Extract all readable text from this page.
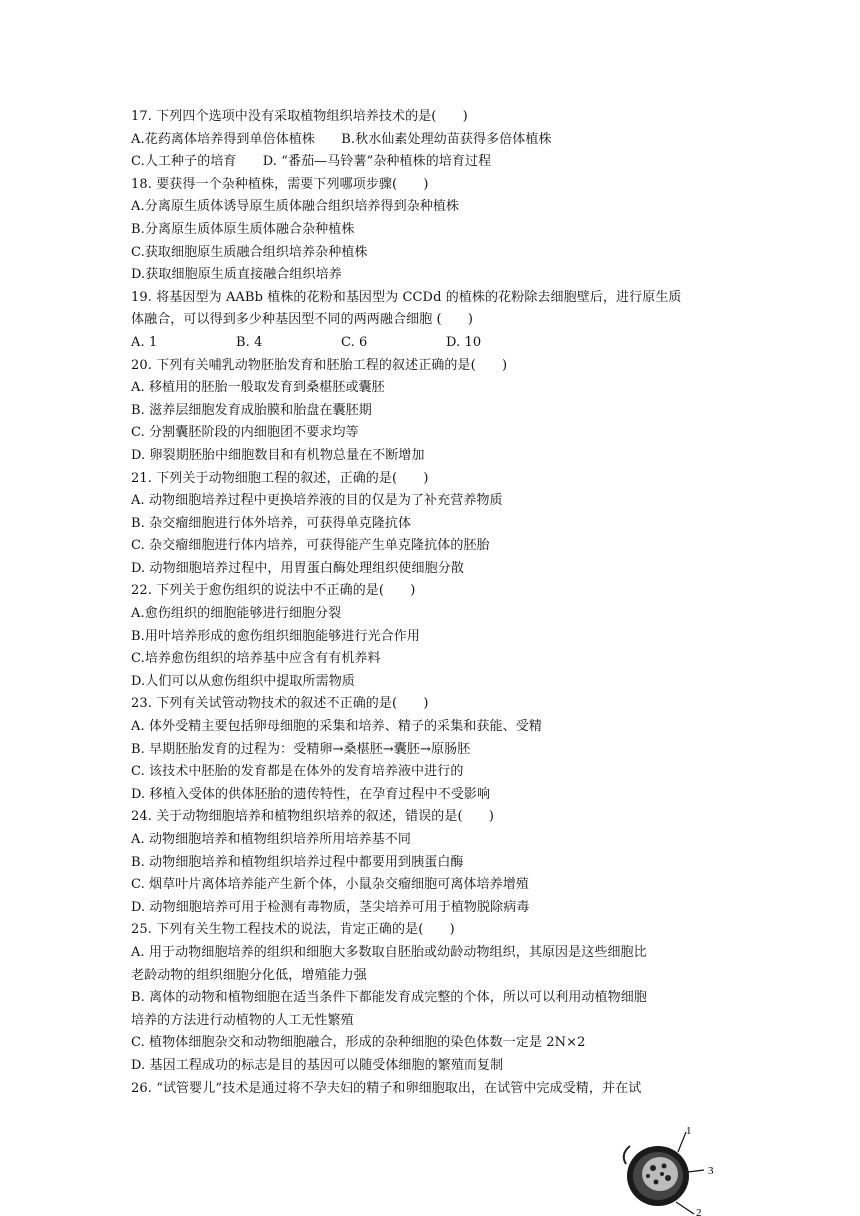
17. 下列四个选项中没有采取植物组织培养技术的是(　　)
A.花药离体培养得到单倍体植株　　B.秋水仙素处理幼苗获得多倍体植株
C.人工种子的培育　　D. “番茄—马铃薯”杂种植株的培育过程
18. 要获得一个杂种植株，需要下列哪项步骤(　　)
A.分离原生质体诱导原生质体融合组织培养得到杂种植株
B.分离原生质体原生质体融合杂种植株
C.获取细胞原生质融合组织培养杂种植株
D.获取细胞原生质直接融合组织培养
19. 将基因型为 AABb 植株的花粉和基因型为 CCDd 的植株的花粉除去细胞壁后，进行原生质
体融合，可以得到多少种基因型不同的两两融合细胞 (　　)
A. 1	B. 4	C. 6	D. 10
20. 下列有关哺乳动物胚胎发育和胚胎工程的叙述正确的是(　　)
A. 移植用的胚胎一般取发育到桑椹胚或囊胚
B. 滋养层细胞发育成胎膜和胎盘在囊胚期
C. 分割囊胚阶段的内细胞团不要求均等
D. 卵裂期胚胎中细胞数目和有机物总量在不断增加
21. 下列关于动物细胞工程的叙述，正确的是(　　)
A. 动物细胞培养过程中更换培养液的目的仅是为了补充营养物质
B. 杂交瘤细胞进行体外培养，可获得单克隆抗体
C. 杂交瘤细胞进行体内培养，可获得能产生单克隆抗体的胚胎
D. 动物细胞培养过程中，用胃蛋白酶处理组织使细胞分散
22. 下列关于愈伤组织的说法中不正确的是(　　)
A.愈伤组织的细胞能够进行细胞分裂
B.用叶培养形成的愈伤组织细胞能够进行光合作用
C.培养愈伤组织的培养基中应含有有机养料
D.人们可以从愈伤组织中提取所需物质
23. 下列有关试管动物技术的叙述不正确的是(　　)
A. 体外受精主要包括卵母细胞的采集和培养、精子的采集和获能、受精
B. 早期胚胎发育的过程为：受精卵→桑椹胚→囊胚→原肠胚
C. 该技术中胚胎的发育都是在体外的发育培养液中进行的
D. 移植入受体的供体胚胎的遗传特性，在孕育过程中不受影响
24. 关于动物细胞培养和植物组织培养的叙述，错误的是(　　)
A. 动物细胞培养和植物组织培养所用培养基不同
B. 动物细胞培养和植物组织培养过程中都要用到胰蛋白酶
C. 烟草叶片离体培养能产生新个体，小鼠杂交瘤细胞可离体培养增殖
D. 动物细胞培养可用于检测有毒物质，茎尖培养可用于植物脱除病毒
25. 下列有关生物工程技术的说法，肯定正确的是(　　)
A. 用于动物细胞培养的组织和细胞大多数取自胚胎或幼龄动物组织，其原因是这些细胞比
老龄动物的组织细胞分化低，增殖能力强
B. 离体的动物和植物细胞在适当条件下都能发育成完整的个体，所以可以利用动植物细胞
培养的方法进行动植物的人工无性繁殖
C. 植物体细胞杂交和动物细胞融合，形成的杂种细胞的染色体数一定是 2N×2
D. 基因工程成功的标志是目的基因可以随受体细胞的繁殖而复制
26. “试管婴儿”技术是通过将不孕夫妇的精子和卵细胞取出，在试管中完成受精，并在试
1
3
2
